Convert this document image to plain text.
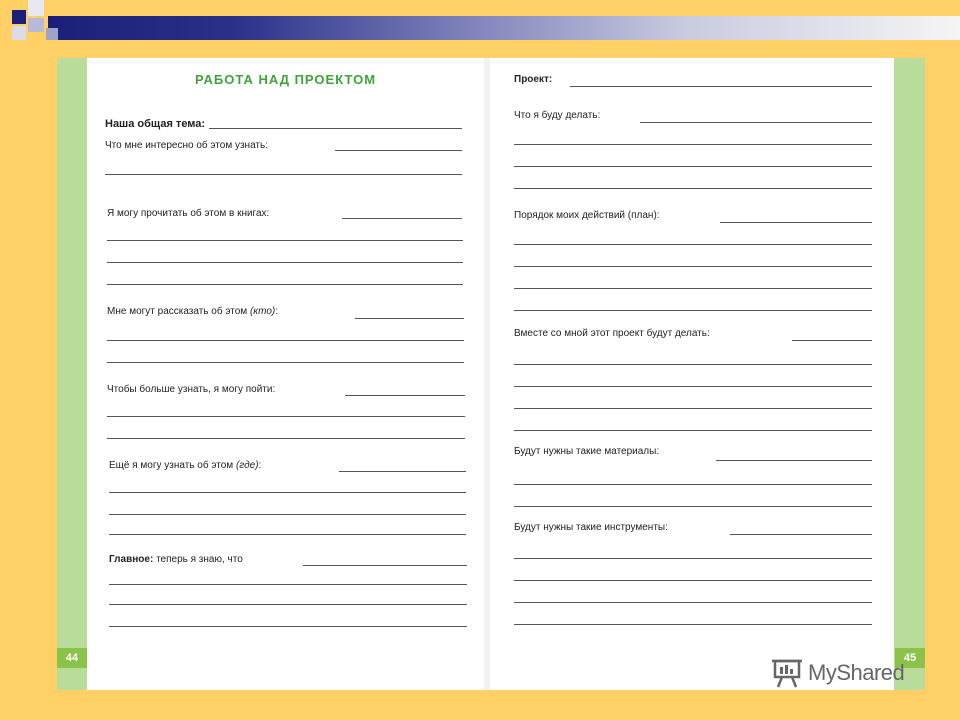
РАБОТА НАД ПРОЕКТОМ
Наша общая тема:
Что мне интересно об этом узнать:
Я могу прочитать об этом в книгах:
Мне могут рассказать об этом (кто):
Чтобы больше узнать, я могу пойти:
Ещё я могу узнать об этом (где):
Главное: теперь я знаю, что
Проект:
Что я буду делать:
Порядок моих действий (план):
Вместе со мной этот проект будут делать:
Будут нужны такие материалы:
Будут нужны такие инструменты:
44	45
MyShared
